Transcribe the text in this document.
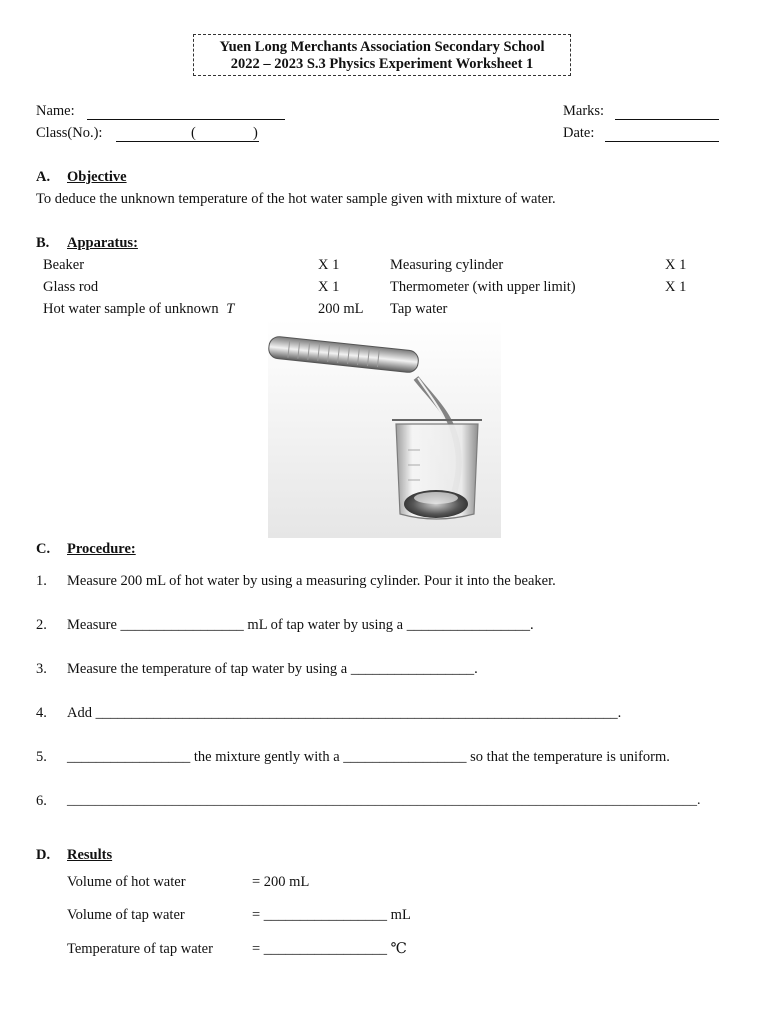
Yuen Long Merchants Association Secondary School
2022 – 2023 S.3 Physics Experiment Worksheet 1
Name:	Marks:
Class(No.):	(	)	Date:
A. Objective
To deduce the unknown temperature of the hot water sample given with mixture of water.
B. Apparatus:
Beaker	X 1	Measuring cylinder	X 1
Glass rod	X 1	Thermometer (with upper limit)	X 1
Hot water sample of unknown T	200 mL Tap water
C. Procedure:
1. Measure 200 mL of hot water by using a measuring cylinder. Pour it into the beaker.
2. Measure _________________ mL of tap water by using a _________________.
3. Measure the temperature of tap water by using a _________________.
4. Add ________________________________________________________________________.
5. _________________ the mixture gently with a _________________ so that the temperature is uniform.
6. __________________________________________________________________________________________.
D. Results
Volume of hot water	= 200 mL
Volume of tap water	= _________________ mL
Temperature of tap water	= _________________ ℃
